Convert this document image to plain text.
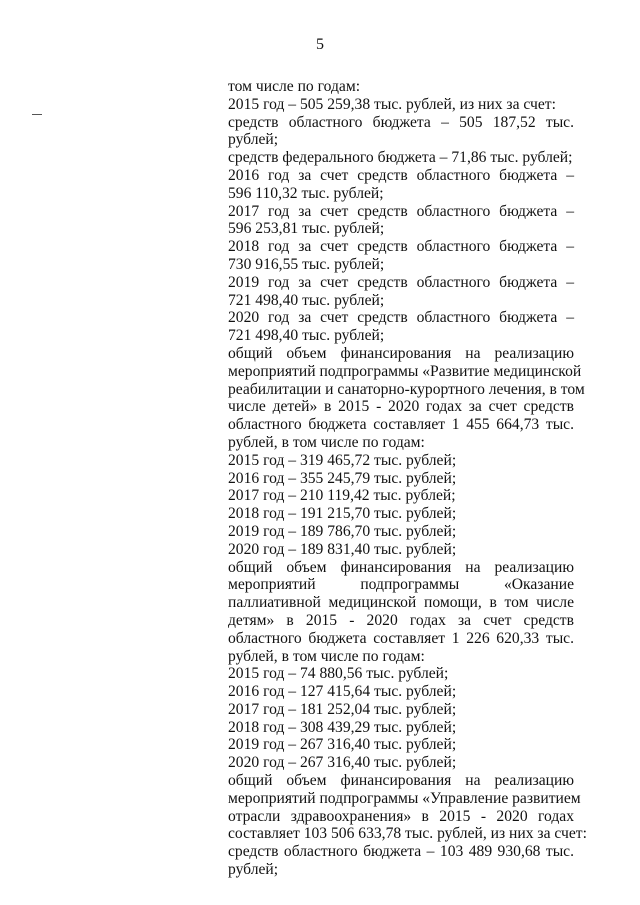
5
том числе по годам:
2015 год – 505 259,38 тыс. рублей, из них за счет:
средств областного бюджета – 505 187,52 тыс.
рублей;
средств федерального бюджета – 71,86 тыс. рублей;
2016 год за счет средств областного бюджета –
596 110,32 тыс. рублей;
2017 год за счет средств областного бюджета –
596 253,81 тыс. рублей;
2018 год за счет средств областного бюджета –
730 916,55 тыс. рублей;
2019 год за счет средств областного бюджета –
721 498,40 тыс. рублей;
2020 год за счет средств областного бюджета –
721 498,40 тыс. рублей;
общий объем финансирования на реализацию
мероприятий подпрограммы «Развитие медицинской
реабилитации и санаторно-курортного лечения, в том
числе детей» в 2015 - 2020 годах за счет средств
областного бюджета составляет 1 455 664,73 тыс.
рублей, в том числе по годам:
2015 год – 319 465,72 тыс. рублей;
2016 год – 355 245,79 тыс. рублей;
2017 год – 210 119,42 тыс. рублей;
2018 год – 191 215,70 тыс. рублей;
2019 год – 189 786,70 тыс. рублей;
2020 год – 189 831,40 тыс. рублей;
общий объем финансирования на реализацию
мероприятий подпрограммы «Оказание
паллиативной медицинской помощи, в том числе
детям» в 2015 - 2020 годах за счет средств
областного бюджета составляет 1 226 620,33 тыс.
рублей, в том числе по годам:
2015 год – 74 880,56 тыс. рублей;
2016 год – 127 415,64 тыс. рублей;
2017 год – 181 252,04 тыс. рублей;
2018 год – 308 439,29 тыс. рублей;
2019 год – 267 316,40 тыс. рублей;
2020 год – 267 316,40 тыс. рублей;
общий объем финансирования на реализацию
мероприятий подпрограммы «Управление развитием
отрасли здравоохранения» в 2015 - 2020 годах
составляет 103 506 633,78 тыс. рублей, из них за счет:
средств областного бюджета – 103 489 930,68 тыс.
рублей;
